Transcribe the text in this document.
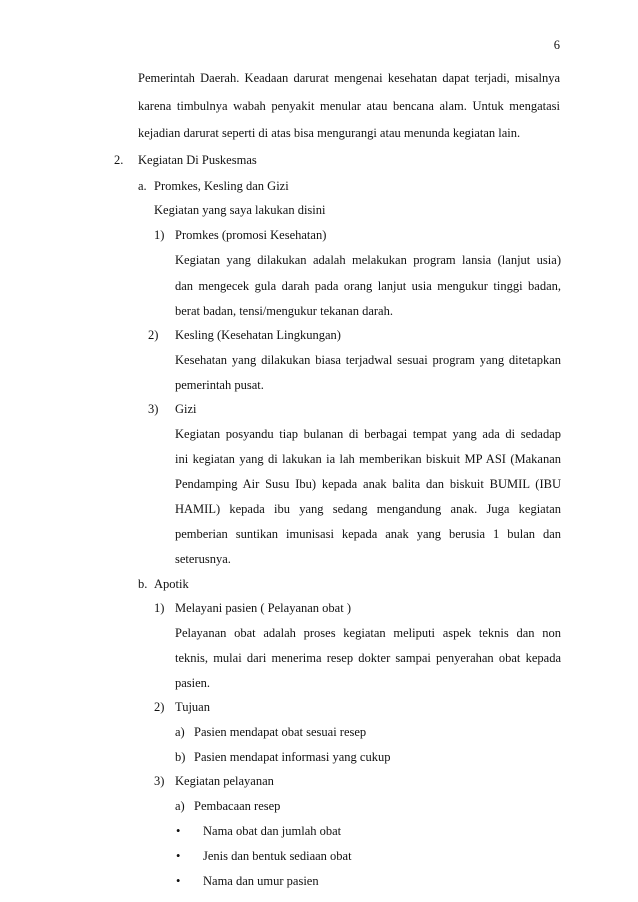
6
Pemerintah Daerah. Keadaan darurat mengenai kesehatan dapat terjadi, misalnya
karena timbulnya wabah penyakit menular atau bencana alam. Untuk mengatasi
kejadian darurat seperti di atas bisa mengurangi atau menunda kegiatan lain.
2. Kegiatan Di Puskesmas
a. Promkes, Kesling dan Gizi
Kegiatan yang saya lakukan disini
1) Promkes (promosi Kesehatan)
Kegiatan yang dilakukan adalah melakukan program lansia (lanjut usia)
dan mengecek gula darah pada orang lanjut usia mengukur tinggi badan,
berat badan, tensi/mengukur tekanan darah.
2) Kesling (Kesehatan Lingkungan)
Kesehatan yang dilakukan biasa terjadwal sesuai program yang ditetapkan
pemerintah pusat.
3) Gizi
Kegiatan posyandu tiap bulanan di berbagai tempat yang ada di sedadap
ini kegiatan yang di lakukan ia lah memberikan biskuit MP ASI (Makanan
Pendamping Air Susu Ibu) kepada anak balita dan biskuit BUMIL (IBU
HAMIL) kepada ibu yang sedang mengandung anak. Juga kegiatan
pemberian suntikan imunisasi kepada anak yang berusia 1 bulan dan
seterusnya.
b. Apotik
1) Melayani pasien ( Pelayanan obat )
Pelayanan obat adalah proses kegiatan meliputi aspek teknis dan non
teknis, mulai dari menerima resep dokter sampai penyerahan obat kepada
pasien.
2) Tujuan
a) Pasien mendapat obat sesuai resep
b) Pasien mendapat informasi yang cukup
3) Kegiatan pelayanan
a) Pembacaan resep
• Nama obat dan jumlah obat
• Jenis dan bentuk sediaan obat
• Nama dan umur pasien
